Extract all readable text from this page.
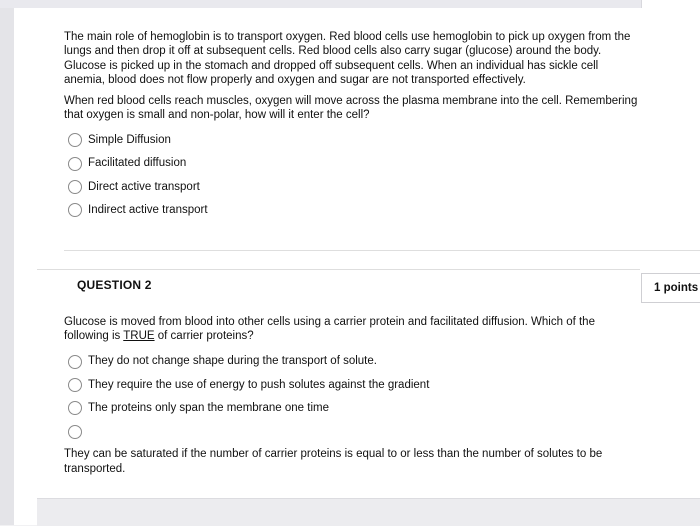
The main role of hemoglobin is to transport oxygen. Red blood cells use hemoglobin to pick up oxygen from the lungs and then drop it off at subsequent cells. Red blood cells also carry sugar (glucose) around the body. Glucose is picked up in the stomach and dropped off subsequent cells. When an individual has sickle cell anemia, blood does not flow properly and oxygen and sugar are not transported effectively.

When red blood cells reach muscles, oxygen will move across the plasma membrane into the cell. Remembering that oxygen is small and non-polar, how will it enter the cell?

Simple Diffusion
Facilitated diffusion
Direct active transport
Indirect active transport
QUESTION 2	1 points

Glucose is moved from blood into other cells using a carrier protein and facilitated diffusion. Which of the following is TRUE of carrier proteins?

They do not change shape during the transport of solute.
They require the use of energy to push solutes against the gradient
The proteins only span the membrane one time
They can be saturated if the number of carrier proteins is equal to or less than the number of solutes to be transported.
